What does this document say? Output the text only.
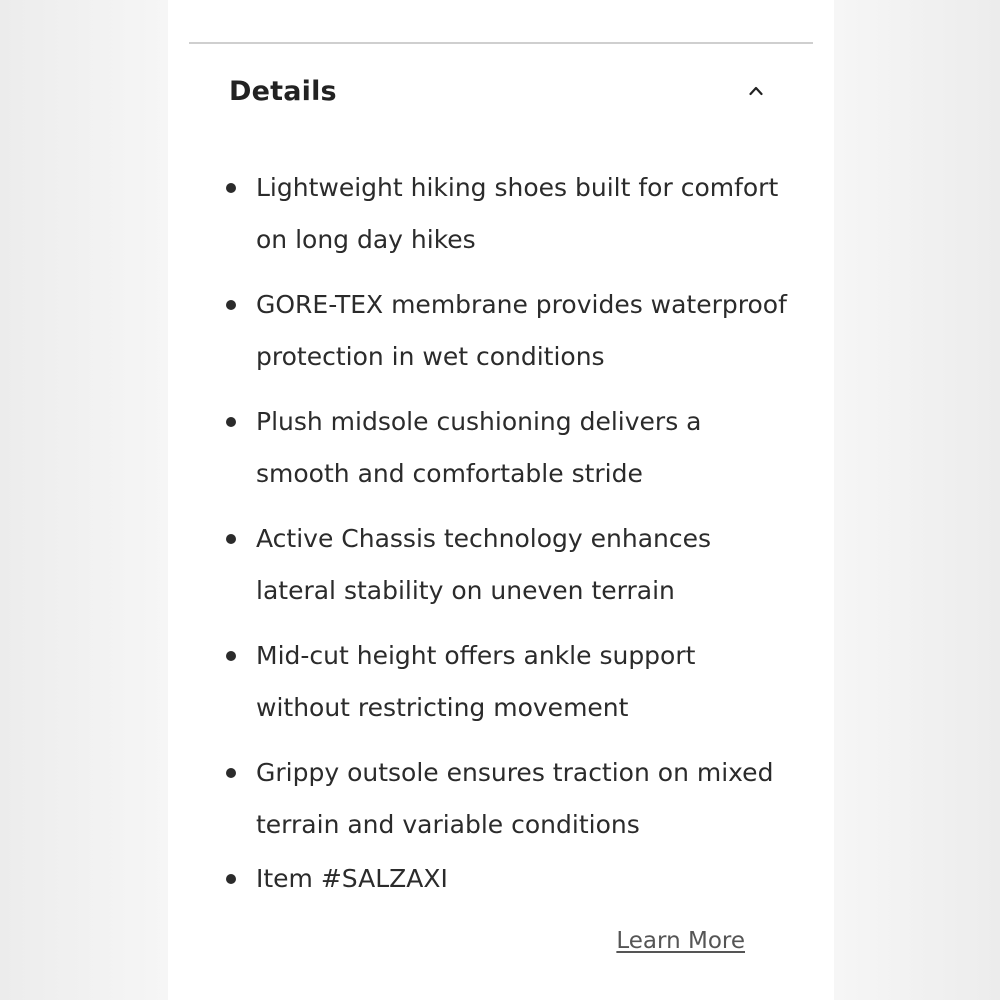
Details
Lightweight hiking shoes built for comfort on long day hikes
GORE-TEX membrane provides waterproof protection in wet conditions
Plush midsole cushioning delivers a smooth and comfortable stride
Active Chassis technology enhances lateral stability on uneven terrain
Mid-cut height offers ankle support without restricting movement
Grippy outsole ensures traction on mixed terrain and variable conditions
Item #SALZAXI
Learn More
